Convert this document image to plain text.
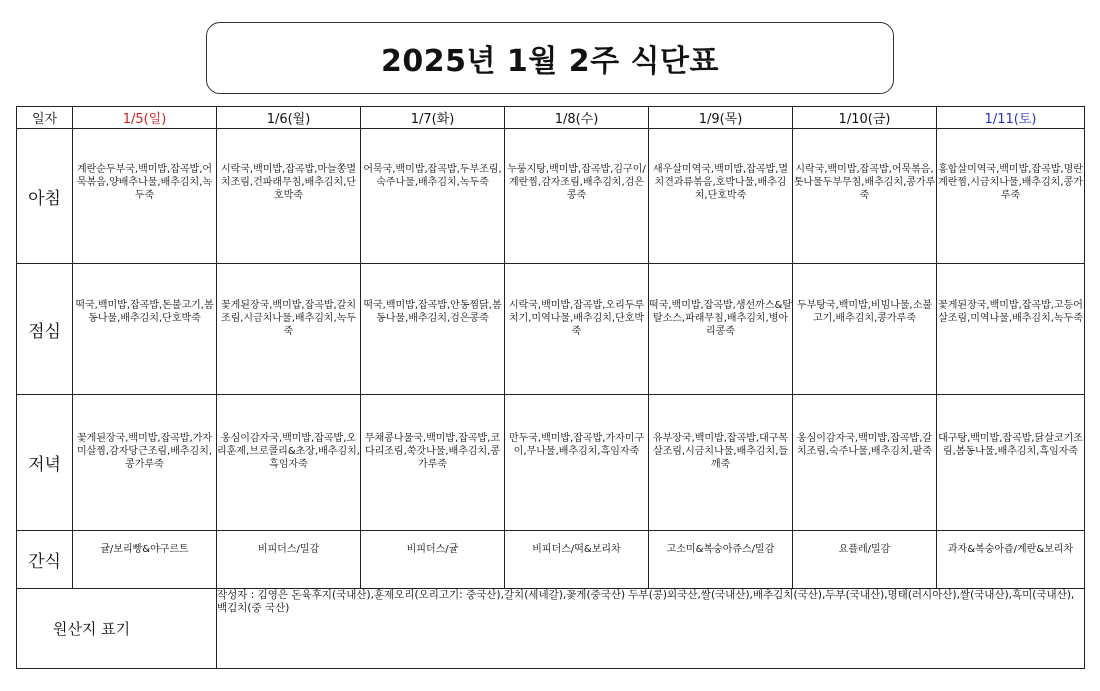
2025년 1월 2주 식단표
일자	1/5(일)	1/6(월)	1/7(화)	1/8(수)	1/9(목)	1/10(금)	1/11(토)
아침	계란순두부국,백미밥,잡곡밥,어묵볶음,양배추나물,배추김치,녹두죽	시락국,백미밥,잡곡밥,마늘쫑멸치조림,건파래무침,배추김치,단호박죽	어묵국,백미밥,잡곡밥,두부조림,숙주나물,배추김치,녹두죽	누룽지탕,백미밥,잡곡밥,김구이/계란찜,감자조림,배추김치,검은콩죽	새우살미역국,백미밥,잡곡밥,멸치견과류볶음,호박나물,배추김치,단호박죽	시락국,백미밥,잡곡밥,어묵볶음,톳나물두부무침,배추김치,콩가루죽	홍합살미역국,백미밥,잡곡밥,명란계란찜,시금치나물,배추김치,콩가루죽
점심	떡국,백미밥,잡곡밥,돈불고기,봄동나물,배추김치,단호박죽	꽃게된장국,백미밥,잡곡밥,갈치조림,시금치나물,배추김치,녹두죽	떡국,백미밥,잡곡밥,안동찜닭,봄동나물,배추김치,검은콩죽	시락국,백미밥,잡곡밥,오리두루치기,미역나물,배추김치,단호박죽	떡국,백미밥,잡곡밥,생선까스&탈탈소스,파래무침,배추김치,병아리콩죽	두부탕국,백미밥,비빔나물,소불고기,배추김치,콩가루죽	꽃게된장국,백미밥,잡곡밥,고등어살조림,미역나물,배추김치,녹두죽
저녁	꽃게된장국,백미밥,잡곡밥,가자미살찜,감자당근조림,배추김치,콩가루죽	옹심이감자국,백미밥,잡곡밥,오리훈제,브로콜리&초장,배추김치,흑임자죽	무채콩나물국,백미밥,잡곡밥,코다리조림,쑥갓나물,배추김치,콩가루죽	만두국,백미밥,잡곡밥,가자미구이,무나물,배추김치,흑임자죽	유부장국,백미밥,잡곡밥,대구목살조림,시금치나물,배추김치,들깨죽	옹심이감자국,백미밥,잡곡밥,갈치조림,숙주나물,배추김치,팥죽	대구탕,백미밥,잡곡밥,닭살코기조림,봄동나물,배추김치,흑임자죽
간식	귤/보리빵&야구르트	비피더스/밀감	비피더스/귤	비피더스/떡&보리차	고소미&복숭아쥬스/밀감	요플레/밀감	과자&복숭아즙/계란&보리차
원산지 표기		작성자 : 김영은 돈육후지(국내산),훈제오리(오리고기: 중국산),갈치(세네갈),꽃게(중국산) 두부(콩)외국산,쌀(국내산),배추김치(국산),두부(국내산),명태(러시아산),쌀(국내산),흑미(국내산),백김치(중 국산)					
